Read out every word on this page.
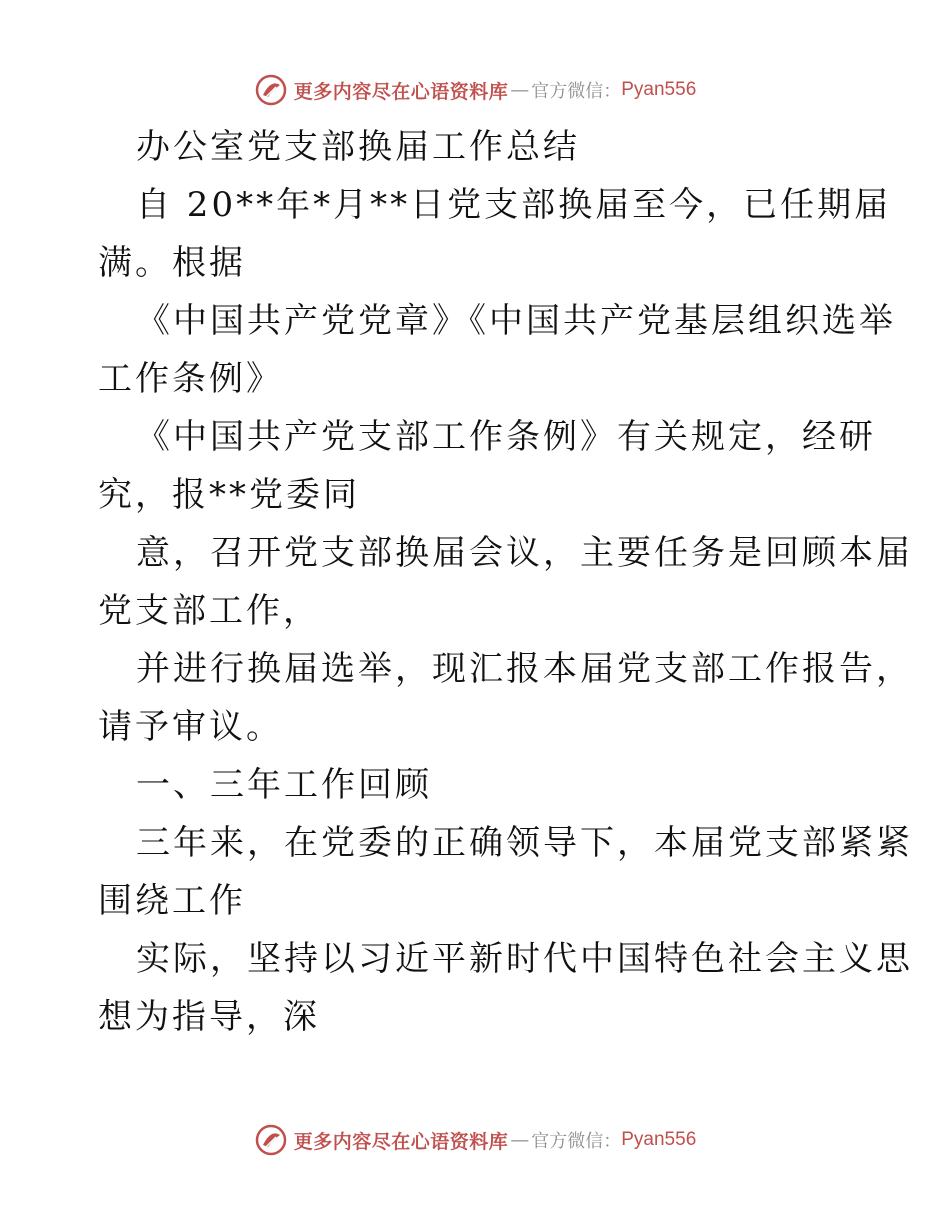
更多内容尽在心语资料库 — 官方微信： Pyan556
办公室党支部换届工作总结
自 20**年*月**日党支部换届至今，已任期届
满。根据
《中国共产党党章》《中国共产党基层组织选举
工作条例》
《中国共产党支部工作条例》有关规定，经研
究，报**党委同
意，召开党支部换届会议，主要任务是回顾本届
党支部工作，
并进行换届选举，现汇报本届党支部工作报告，
请予审议。
一、三年工作回顾
三年来，在党委的正确领导下，本届党支部紧紧
围绕工作
实际，坚持以习近平新时代中国特色社会主义思
想为指导，深
更多内容尽在心语资料库 — 官方微信： Pyan556
